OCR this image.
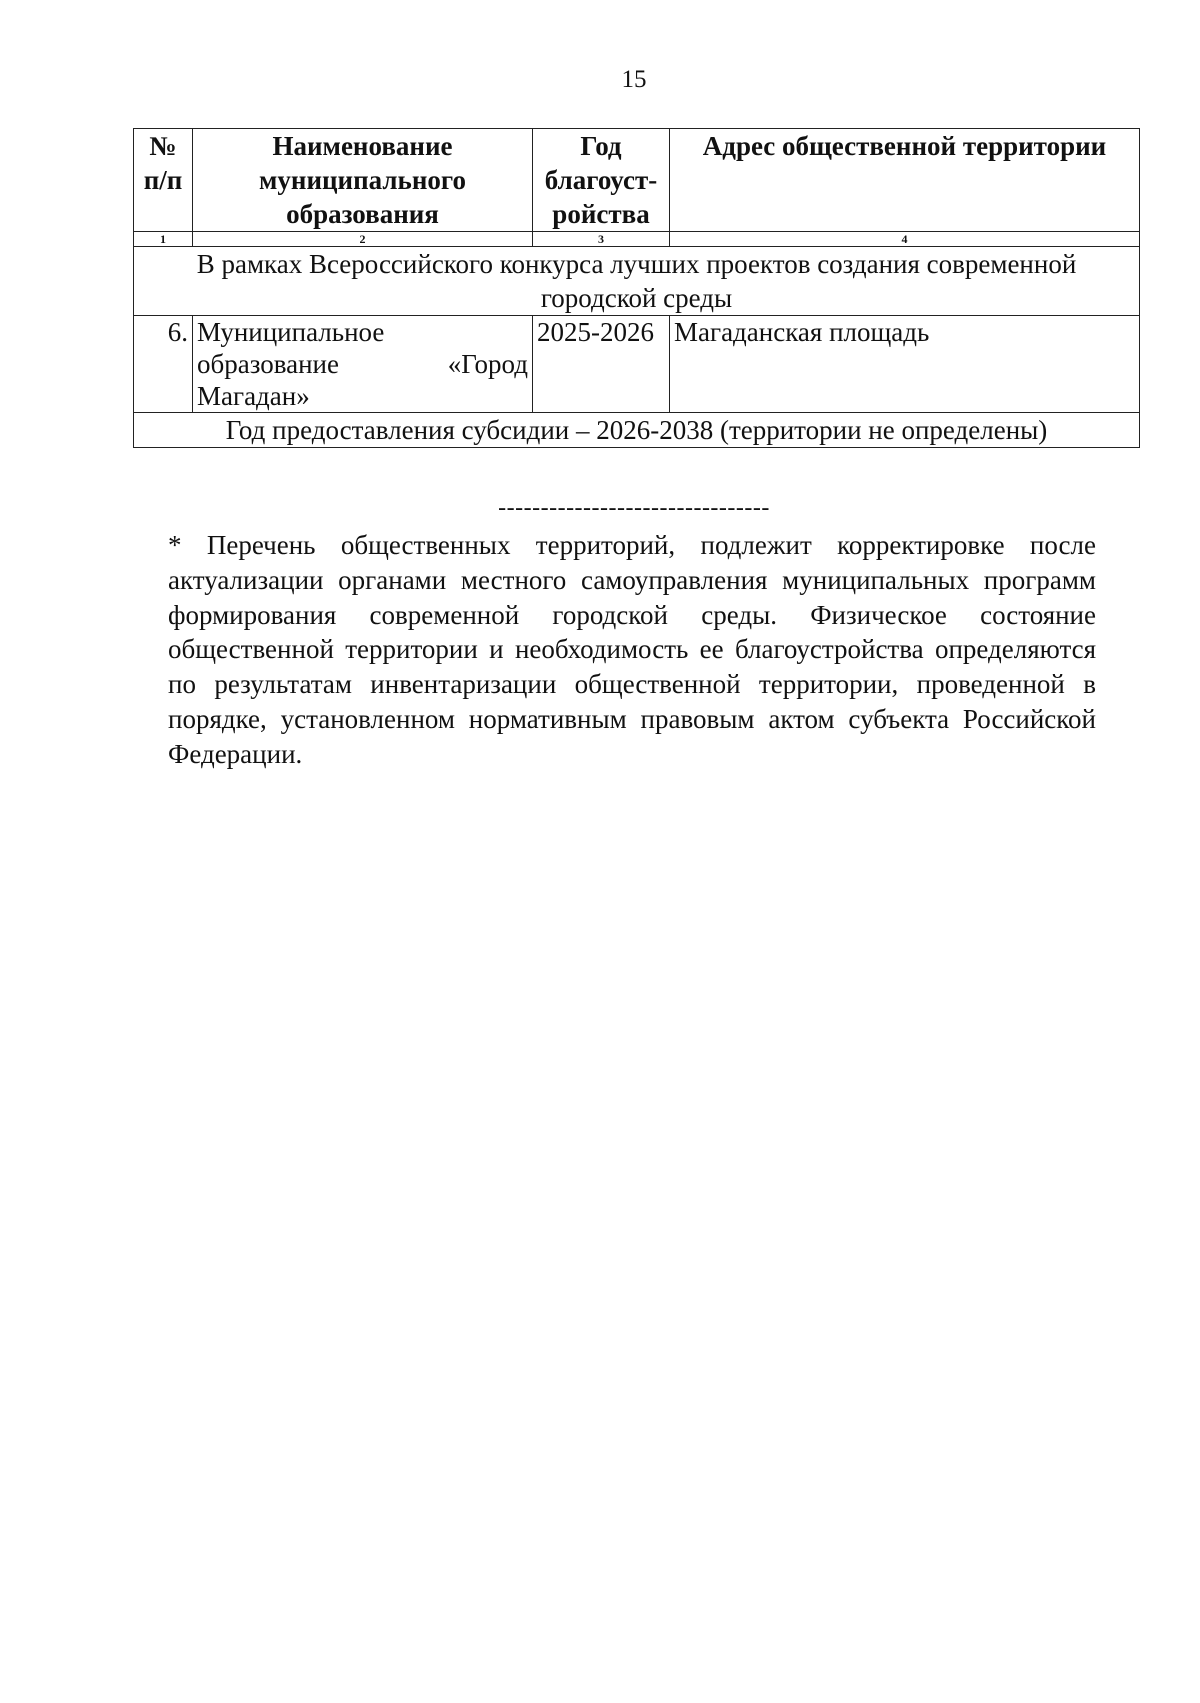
15
№ п/п	Наименование муниципального образования	Год благоуст-ройства	Адрес общественной территории
1	2	3	4
В рамках Всероссийского конкурса лучших проектов создания современной городской среды			
6.	Муниципальное образование «Город Магадан»	2025-2026	Магаданская площадь
Год предоставления субсидии – 2026-2038 (территории не определены)			
--------------------------------
* Перечень общественных территорий, подлежит корректировке после актуализации органами местного самоуправления муниципальных программ формирования современной городской среды. Физическое состояние общественной территории и необходимость ее благоустройства определяются по результатам инвентаризации общественной территории, проведенной в порядке, установленном нормативным правовым актом субъекта Российской Федерации.
